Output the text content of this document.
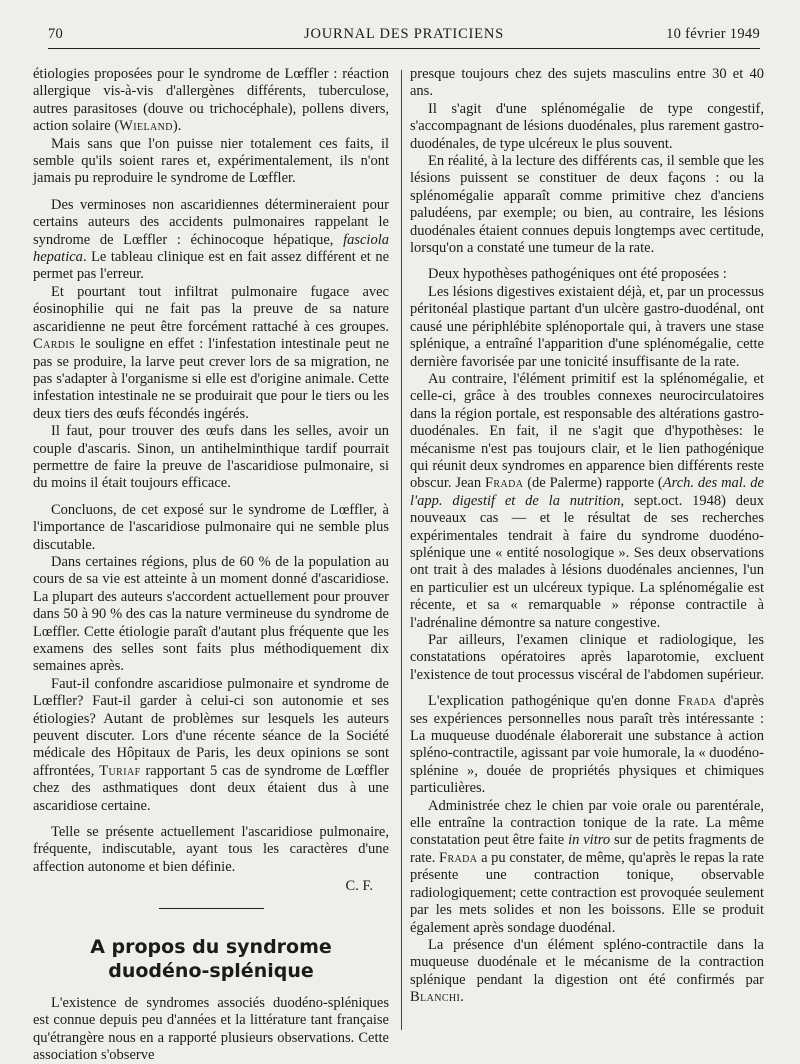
70	JOURNAL DES PRATICIENS	10 février 1949

étiologies proposées pour le syndrome de Lœffler : réaction allergique vis-à-vis d'allergènes différents, tuberculose, autres parasitoses (douve ou trichocéphale), pollens divers, action solaire (Wieland).

Mais sans que l'on puisse nier totalement ces faits, il semble qu'ils soient rares et, expérimentalement, ils n'ont jamais pu reproduire le syndrome de Lœffler.

Des verminoses non ascaridiennes détermineraient pour certains auteurs des accidents pulmonaires rappelant le syndrome de Lœffler : échinocoque hépatique, fasciola hepatica. Le tableau clinique est en fait assez différent et ne permet pas l'erreur.

Et pourtant tout infiltrat pulmonaire fugace avec éosinophilie qui ne fait pas la preuve de sa nature ascaridienne ne peut être forcément rattaché à ces groupes. Cardis le souligne en effet : l'infestation intestinale peut ne pas se produire, la larve peut crever lors de sa migration, ne pas s'adapter à l'organisme si elle est d'origine animale. Cette infestation intestinale ne se produirait que pour le tiers ou les deux tiers des œufs fécondés ingérés.

Il faut, pour trouver des œufs dans les selles, avoir un couple d'ascaris. Sinon, un antihelminthique tardif pourrait permettre de faire la preuve de l'ascaridiose pulmonaire, si du moins il était toujours efficace.

Concluons, de cet exposé sur le syndrome de Lœffler, à l'importance de l'ascaridiose pulmonaire qui ne semble plus discutable.

Dans certaines régions, plus de 60 % de la population au cours de sa vie est atteinte à un moment donné d'ascaridiose. La plupart des auteurs s'accordent actuellement pour prouver dans 50 à 90 % des cas la nature vermineuse du syndrome de Lœffler. Cette étiologie paraît d'autant plus fréquente que les examens des selles sont faits plus méthodiquement dix semaines après.

Faut-il confondre ascaridiose pulmonaire et syndrome de Lœffler? Faut-il garder à celui-ci son autonomie et ses étiologies? Autant de problèmes sur lesquels les auteurs peuvent discuter. Lors d'une récente séance de la Société médicale des Hôpitaux de Paris, les deux opinions se sont affrontées, Turiaf rapportant 5 cas de syndrome de Lœffler chez des asthmatiques dont deux étaient dus à une ascaridiose certaine.

Telle se présente actuellement l'ascaridiose pulmonaire, fréquente, indiscutable, ayant tous les caractères d'une affection autonome et bien définie.

C. F.
A propos du syndrome
duodéno-splénique

L'existence de syndromes associés duodéno-spléniques est connue depuis peu d'années et la littérature tant française qu'étrangère nous en a rapporté plusieurs observations. Cette association s'observe

presque toujours chez des sujets masculins entre 30 et 40 ans.

Il s'agit d'une splénomégalie de type congestif, s'accompagnant de lésions duodénales, plus rarement gastro-duodénales, de type ulcéreux le plus souvent.

En réalité, à la lecture des différents cas, il semble que les lésions puissent se constituer de deux façons : ou la splénomégalie apparaît comme primitive chez d'anciens paludéens, par exemple; ou bien, au contraire, les lésions duodénales étaient connues depuis longtemps avec certitude, lorsqu'on a constaté une tumeur de la rate.

Deux hypothèses pathogéniques ont été proposées :

Les lésions digestives existaient déjà, et, par un processus péritonéal plastique partant d'un ulcère gastro-duodénal, ont causé une périphlébite splénoportale qui, à travers une stase splénique, a entraîné l'apparition d'une splénomégalie, cette dernière favorisée par une tonicité insuffisante de la rate.

Au contraire, l'élément primitif est la splénomégalie, et celle-ci, grâce à des troubles connexes neurocirculatoires dans la région portale, est responsable des altérations gastro-duodénales. En fait, il ne s'agit que d'hypothèses: le mécanisme n'est pas toujours clair, et le lien pathogénique qui réunit deux syndromes en apparence bien différents reste obscur. Jean Frada (de Palerme) rapporte (Arch. des mal. de l'app. digestif et de la nutrition, sept.oct. 1948) deux nouveaux cas — et le résultat de ses recherches expérimentales tendrait à faire du syndrome duodéno-splénique une « entité nosologique ». Ses deux observations ont trait à des malades à lésions duodénales anciennes, l'un en particulier est un ulcéreux typique. La splénomégalie est récente, et sa « remarquable » réponse contractile à l'adrénaline démontre sa nature congestive.

Par ailleurs, l'examen clinique et radiologique, les constatations opératoires après laparotomie, excluent l'existence de tout processus viscéral de l'abdomen supérieur.

L'explication pathogénique qu'en donne Frada d'après ses expériences personnelles nous paraît très intéressante : La muqueuse duodénale élaborerait une substance à action spléno-contractile, agissant par voie humorale, la « duodéno-splénine », douée de propriétés physiques et chimiques particulières.

Administrée chez le chien par voie orale ou parentérale, elle entraîne la contraction tonique de la rate. La même constatation peut être faite in vitro sur de petits fragments de rate. Frada a pu constater, de même, qu'après le repas la rate présente une contraction tonique, observable radiologiquement; cette contraction est provoquée seulement par les mets solides et non les boissons. Elle se produit également après sondage duodénal.

La présence d'un élément spléno-contractile dans la muqueuse duodénale et le mécanisme de la contraction splénique pendant la digestion ont été confirmés par Blanchi.
